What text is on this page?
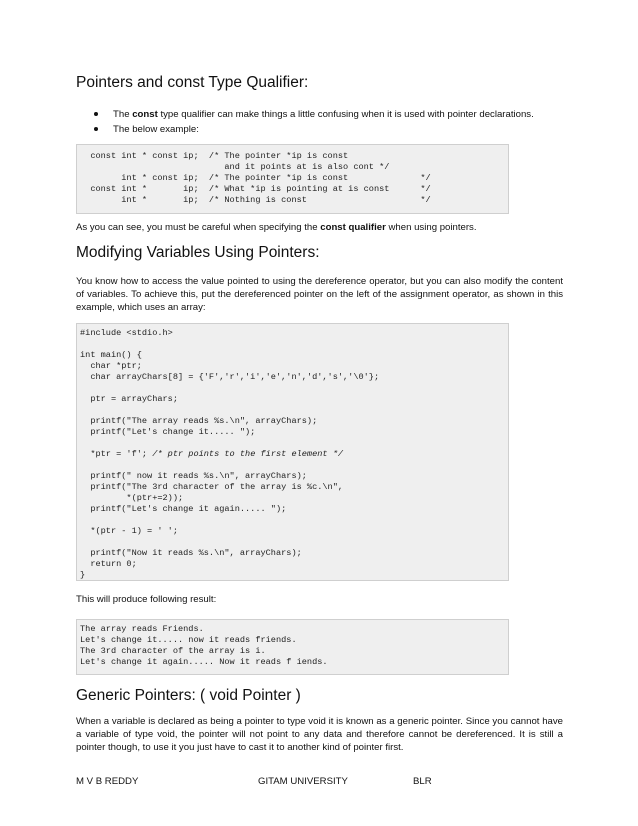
Pointers and const Type Qualifier:
The const type qualifier can make things a little confusing when it is used with pointer declarations.
The below example:
const int * const ip;  /* The pointer *ip is const
and it points at is also cont */
int * const ip;  /* The pointer *ip is const              */
const int *       ip;  /* What *ip is pointing at is const      */
int *       ip;  /* Nothing is const                      */

As you can see, you must be careful when specifying the const qualifier when using pointers.

Modifying Variables Using Pointers:

You know how to access the value pointed to using the dereference operator, but you can also modify the content of variables. To achieve this, put the dereferenced pointer on the left of the assignment operator, as shown in this example, which uses an array:

#include <stdio.h>
int main() {
char *ptr;
char arrayChars[8] = {'F','r','i','e','n','d','s','\0'};
ptr = arrayChars;
printf("The array reads %s.\n", arrayChars);
printf("Let's change it..... ");
*ptr = 'f'; /* ptr points to the first element */
printf(" now it reads %s.\n", arrayChars);
printf("The 3rd character of the array is %c.\n",
*(ptr+=2));
printf("Let's change it again..... ");
*(ptr - 1) = ' ';
printf("Now it reads %s.\n", arrayChars);
return 0;
}

This will produce following result:

The array reads Friends.
Let's change it..... now it reads friends.
The 3rd character of the array is i.
Let's change it again..... Now it reads f iends.
Generic Pointers: ( void Pointer )

When a variable is declared as being a pointer to type void it is known as a generic pointer. Since you cannot have a variable of type void, the pointer will not point to any data and therefore cannot be dereferenced. It is still a pointer though, to use it you just have to cast it to another kind of pointer first.

M V B REDDY	GITAM UNIVERSITY	BLR
